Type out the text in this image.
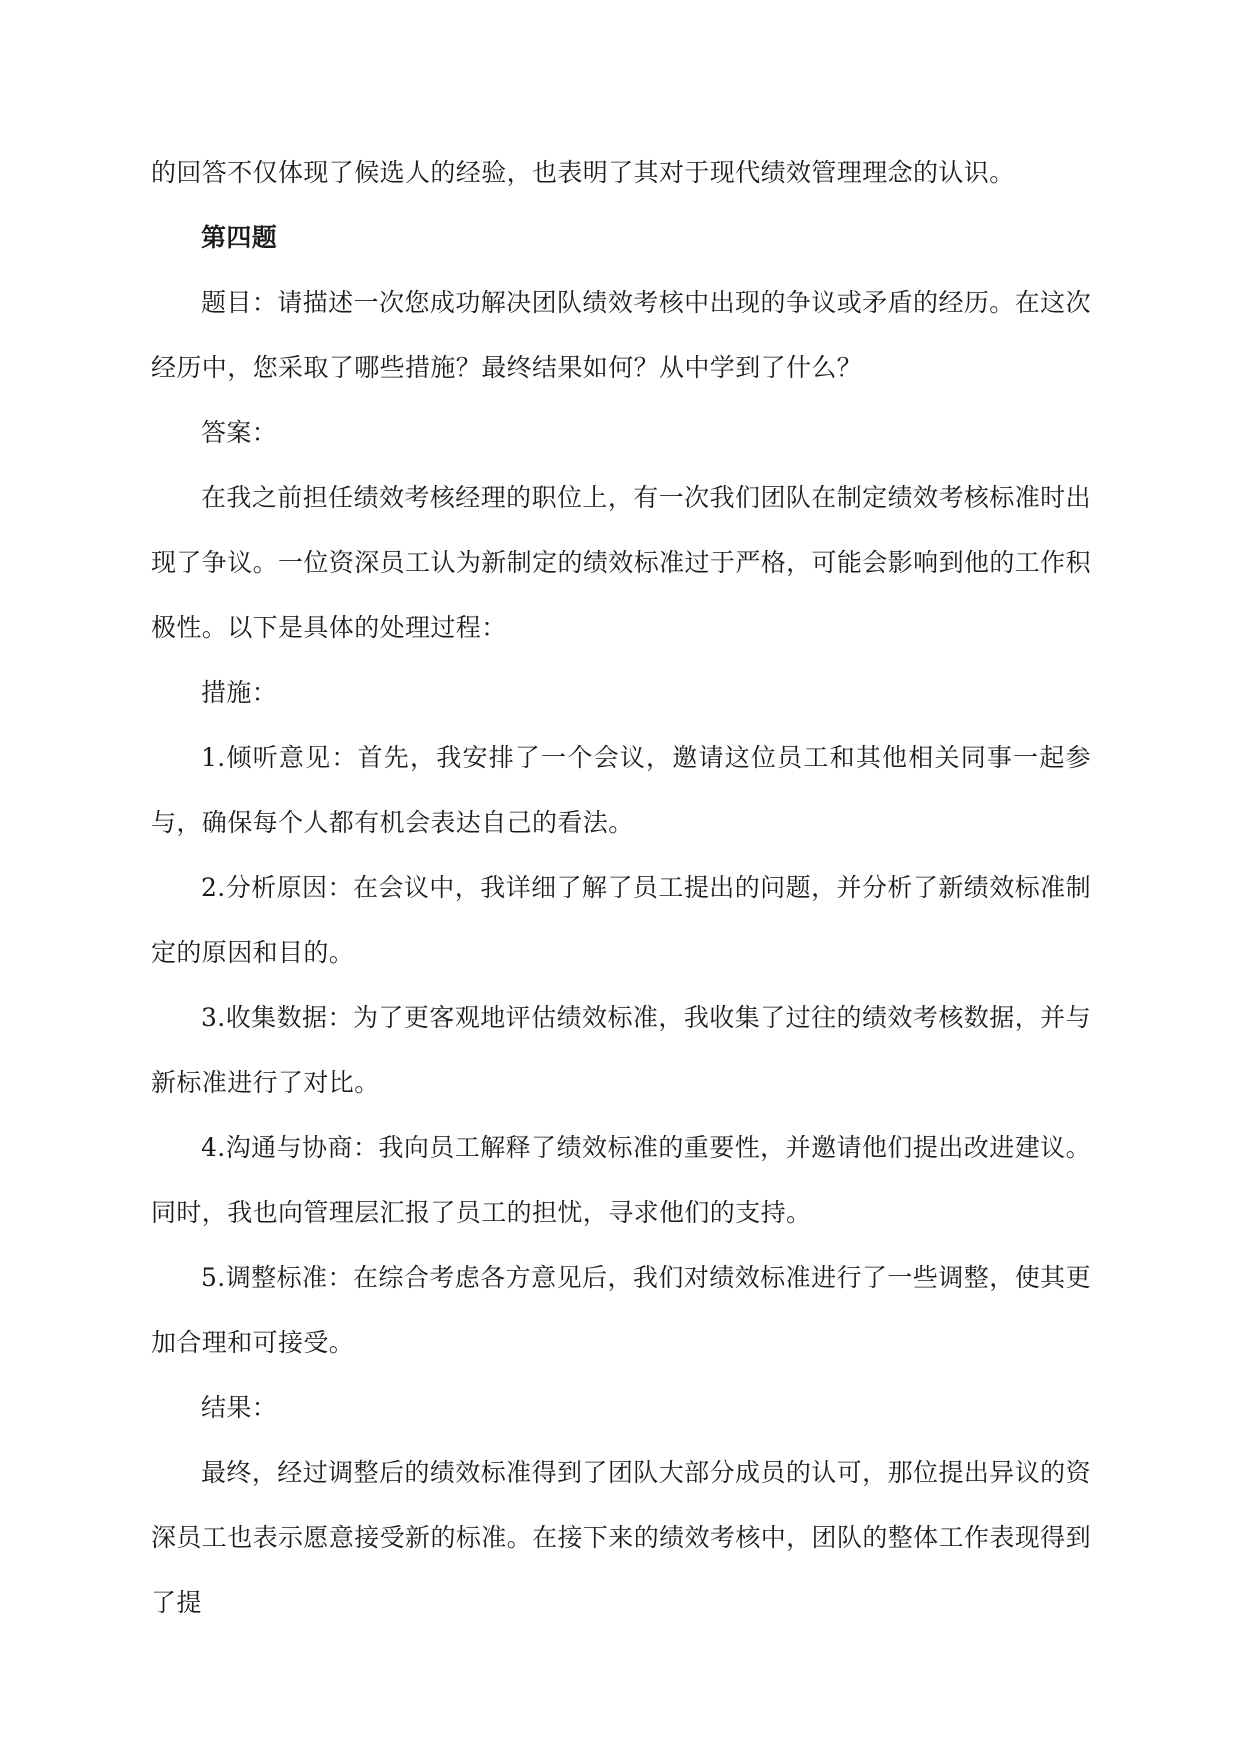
的回答不仅体现了候选人的经验，也表明了其对于现代绩效管理理念的认识。

第四题

题目：请描述一次您成功解决团队绩效考核中出现的争议或矛盾的经历。在这次经历中，您采取了哪些措施？最终结果如何？从中学到了什么？

答案：

在我之前担任绩效考核经理的职位上，有一次我们团队在制定绩效考核标准时出现了争议。一位资深员工认为新制定的绩效标准过于严格，可能会影响到他的工作积极性。以下是具体的处理过程：

措施：

1.倾听意见：首先，我安排了一个会议，邀请这位员工和其他相关同事一起参与，确保每个人都有机会表达自己的看法。

2.分析原因：在会议中，我详细了解了员工提出的问题，并分析了新绩效标准制定的原因和目的。

3.收集数据：为了更客观地评估绩效标准，我收集了过往的绩效考核数据，并与新标准进行了对比。

4.沟通与协商：我向员工解释了绩效标准的重要性，并邀请他们提出改进建议。同时，我也向管理层汇报了员工的担忧，寻求他们的支持。

5.调整标准：在综合考虑各方意见后，我们对绩效标准进行了一些调整，使其更加合理和可接受。

结果：

最终，经过调整后的绩效标准得到了团队大部分成员的认可，那位提出异议的资深员工也表示愿意接受新的标准。在接下来的绩效考核中，团队的整体工作表现得到了提
